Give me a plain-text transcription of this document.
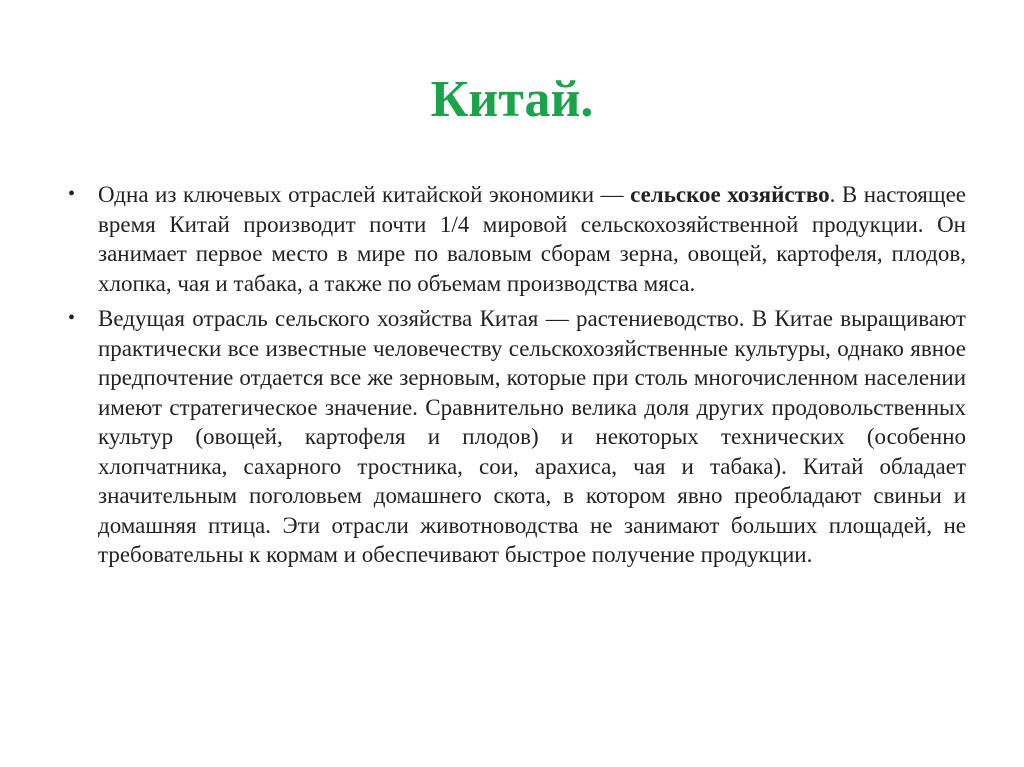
Китай.
• Одна из ключевых отраслей китайской экономики — сельское хозяйство. В настоящее время Китай производит почти 1/4 мировой сельскохозяйственной продукции. Он занимает первое место в мире по валовым сборам зерна, овощей, картофеля, плодов, хлопка, чая и табака, а также по объемам производства мяса.
• Ведущая отрасль сельского хозяйства Китая — растениеводство. В Китае выращивают практически все известные человечеству сельскохозяйственные культуры, однако явное предпочтение отдается все же зерновым, которые при столь многочисленном населении имеют стратегическое значение. Сравнительно велика доля других продовольственных культур (овощей, картофеля и плодов) и некоторых технических (особенно хлопчатника, сахарного тростника, сои, арахиса, чая и табака). Китай обладает значительным поголовьем домашнего скота, в котором явно преобладают свиньи и домашняя птица. Эти отрасли животноводства не занимают больших площадей, не требовательны к кормам и обеспечивают быстрое получение продукции.
